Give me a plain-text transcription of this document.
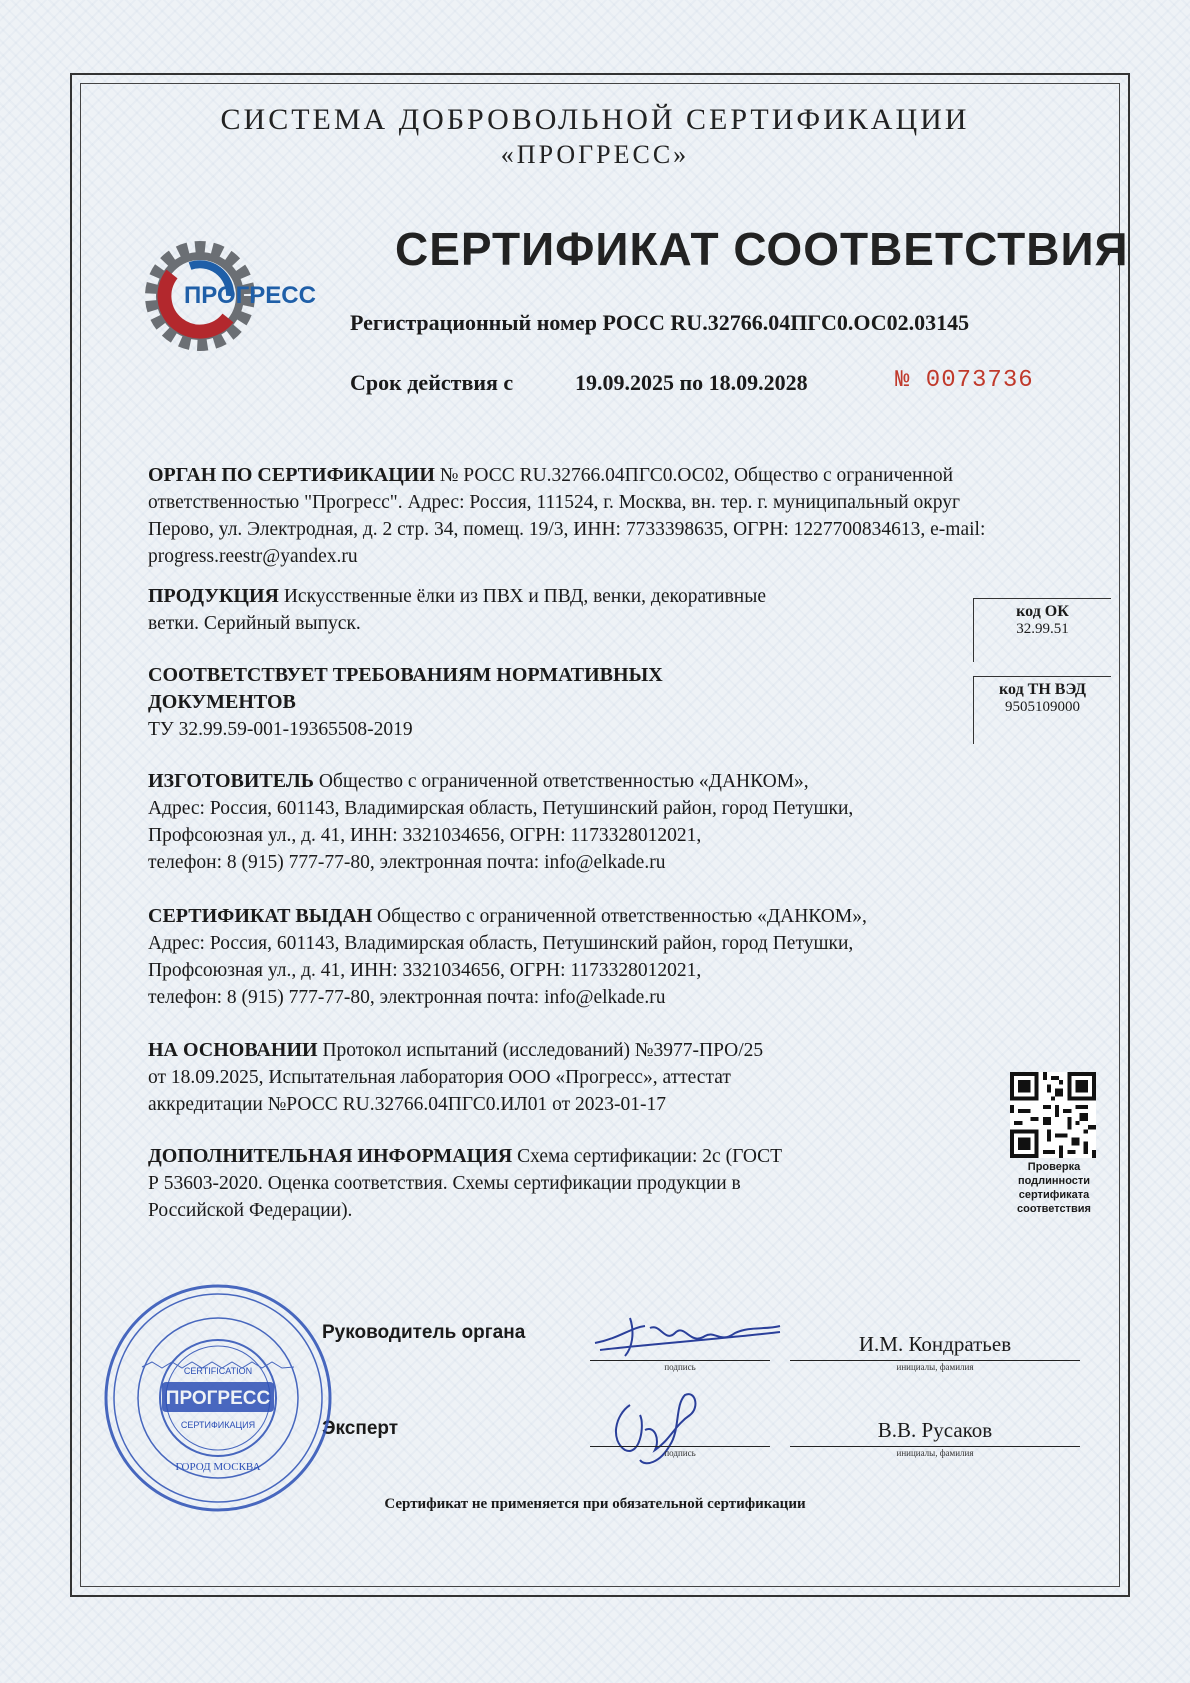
СИСТЕМА ДОБРОВОЛЬНОЙ СЕРТИФИКАЦИИ
«ПРОГРЕСС»
ПРОГРЕСС
СЕРТИФИКАТ СООТВЕТСТВИЯ
Регистрационный номер РОСС RU.32766.04ПГС0.ОС02.03145
Срок действия с	19.09.2025 по 18.09.2028	№ 0073736
ОРГАН ПО СЕРТИФИКАЦИИ № РОСС RU.32766.04ПГС0.ОС02, Общество с ограниченной
ответственностью "Прогресс". Адрес: Россия, 111524, г. Москва, вн. тер. г. муниципальный округ
Перово, ул. Электродная, д. 2 стр. 34, помещ. 19/3, ИНН: 7733398635, ОГРН: 1227700834613, e-mail:
progress.reestr@yandex.ru
ПРОДУКЦИЯ Искусственные ёлки из ПВХ и ПВД, венки, декоративные
ветки. Серийный выпуск.
код ОК
32.99.51
код ТН ВЭД
9505109000
СООТВЕТСТВУЕТ ТРЕБОВАНИЯМ НОРМАТИВНЫХ
ДОКУМЕНТОВ
ТУ 32.99.59-001-19365508-2019
ИЗГОТОВИТЕЛЬ Общество с ограниченной ответственностью «ДАНКОМ»,
Адрес: Россия, 601143, Владимирская область, Петушинский район, город Петушки,
Профсоюзная ул., д. 41, ИНН: 3321034656, ОГРН: 1173328012021,
телефон: 8 (915) 777-77-80, электронная почта: info@elkade.ru
СЕРТИФИКАТ ВЫДАН Общество с ограниченной ответственностью «ДАНКОМ»,
Адрес: Россия, 601143, Владимирская область, Петушинский район, город Петушки,
Профсоюзная ул., д. 41, ИНН: 3321034656, ОГРН: 1173328012021,
телефон: 8 (915) 777-77-80, электронная почта: info@elkade.ru
НА ОСНОВАНИИ Протокол испытаний (исследований) №3977-ПРО/25
от 18.09.2025, Испытательная лаборатория ООО «Прогресс», аттестат
аккредитации №РОСС RU.32766.04ПГС0.ИЛ01 от 2023-01-17
ДОПОЛНИТЕЛЬНАЯ ИНФОРМАЦИЯ Схема сертификации: 2с (ГОСТ
Р 53603-2020. Оценка соответствия. Схемы сертификации продукции в
Российской Федерации).
Проверка
подлинности
сертификата
соответствия
Руководитель органа
Эксперт
подпись
И.М. Кондратьев
инициалы, фамилия
подпись
В.В. Русаков
инициалы, фамилия
ПРОГРЕСС
CERTIFICATION
СЕРТИФИКАЦИЯ
ГОРОД МОСКВА
Сертификат не применяется при обязательной сертификации
